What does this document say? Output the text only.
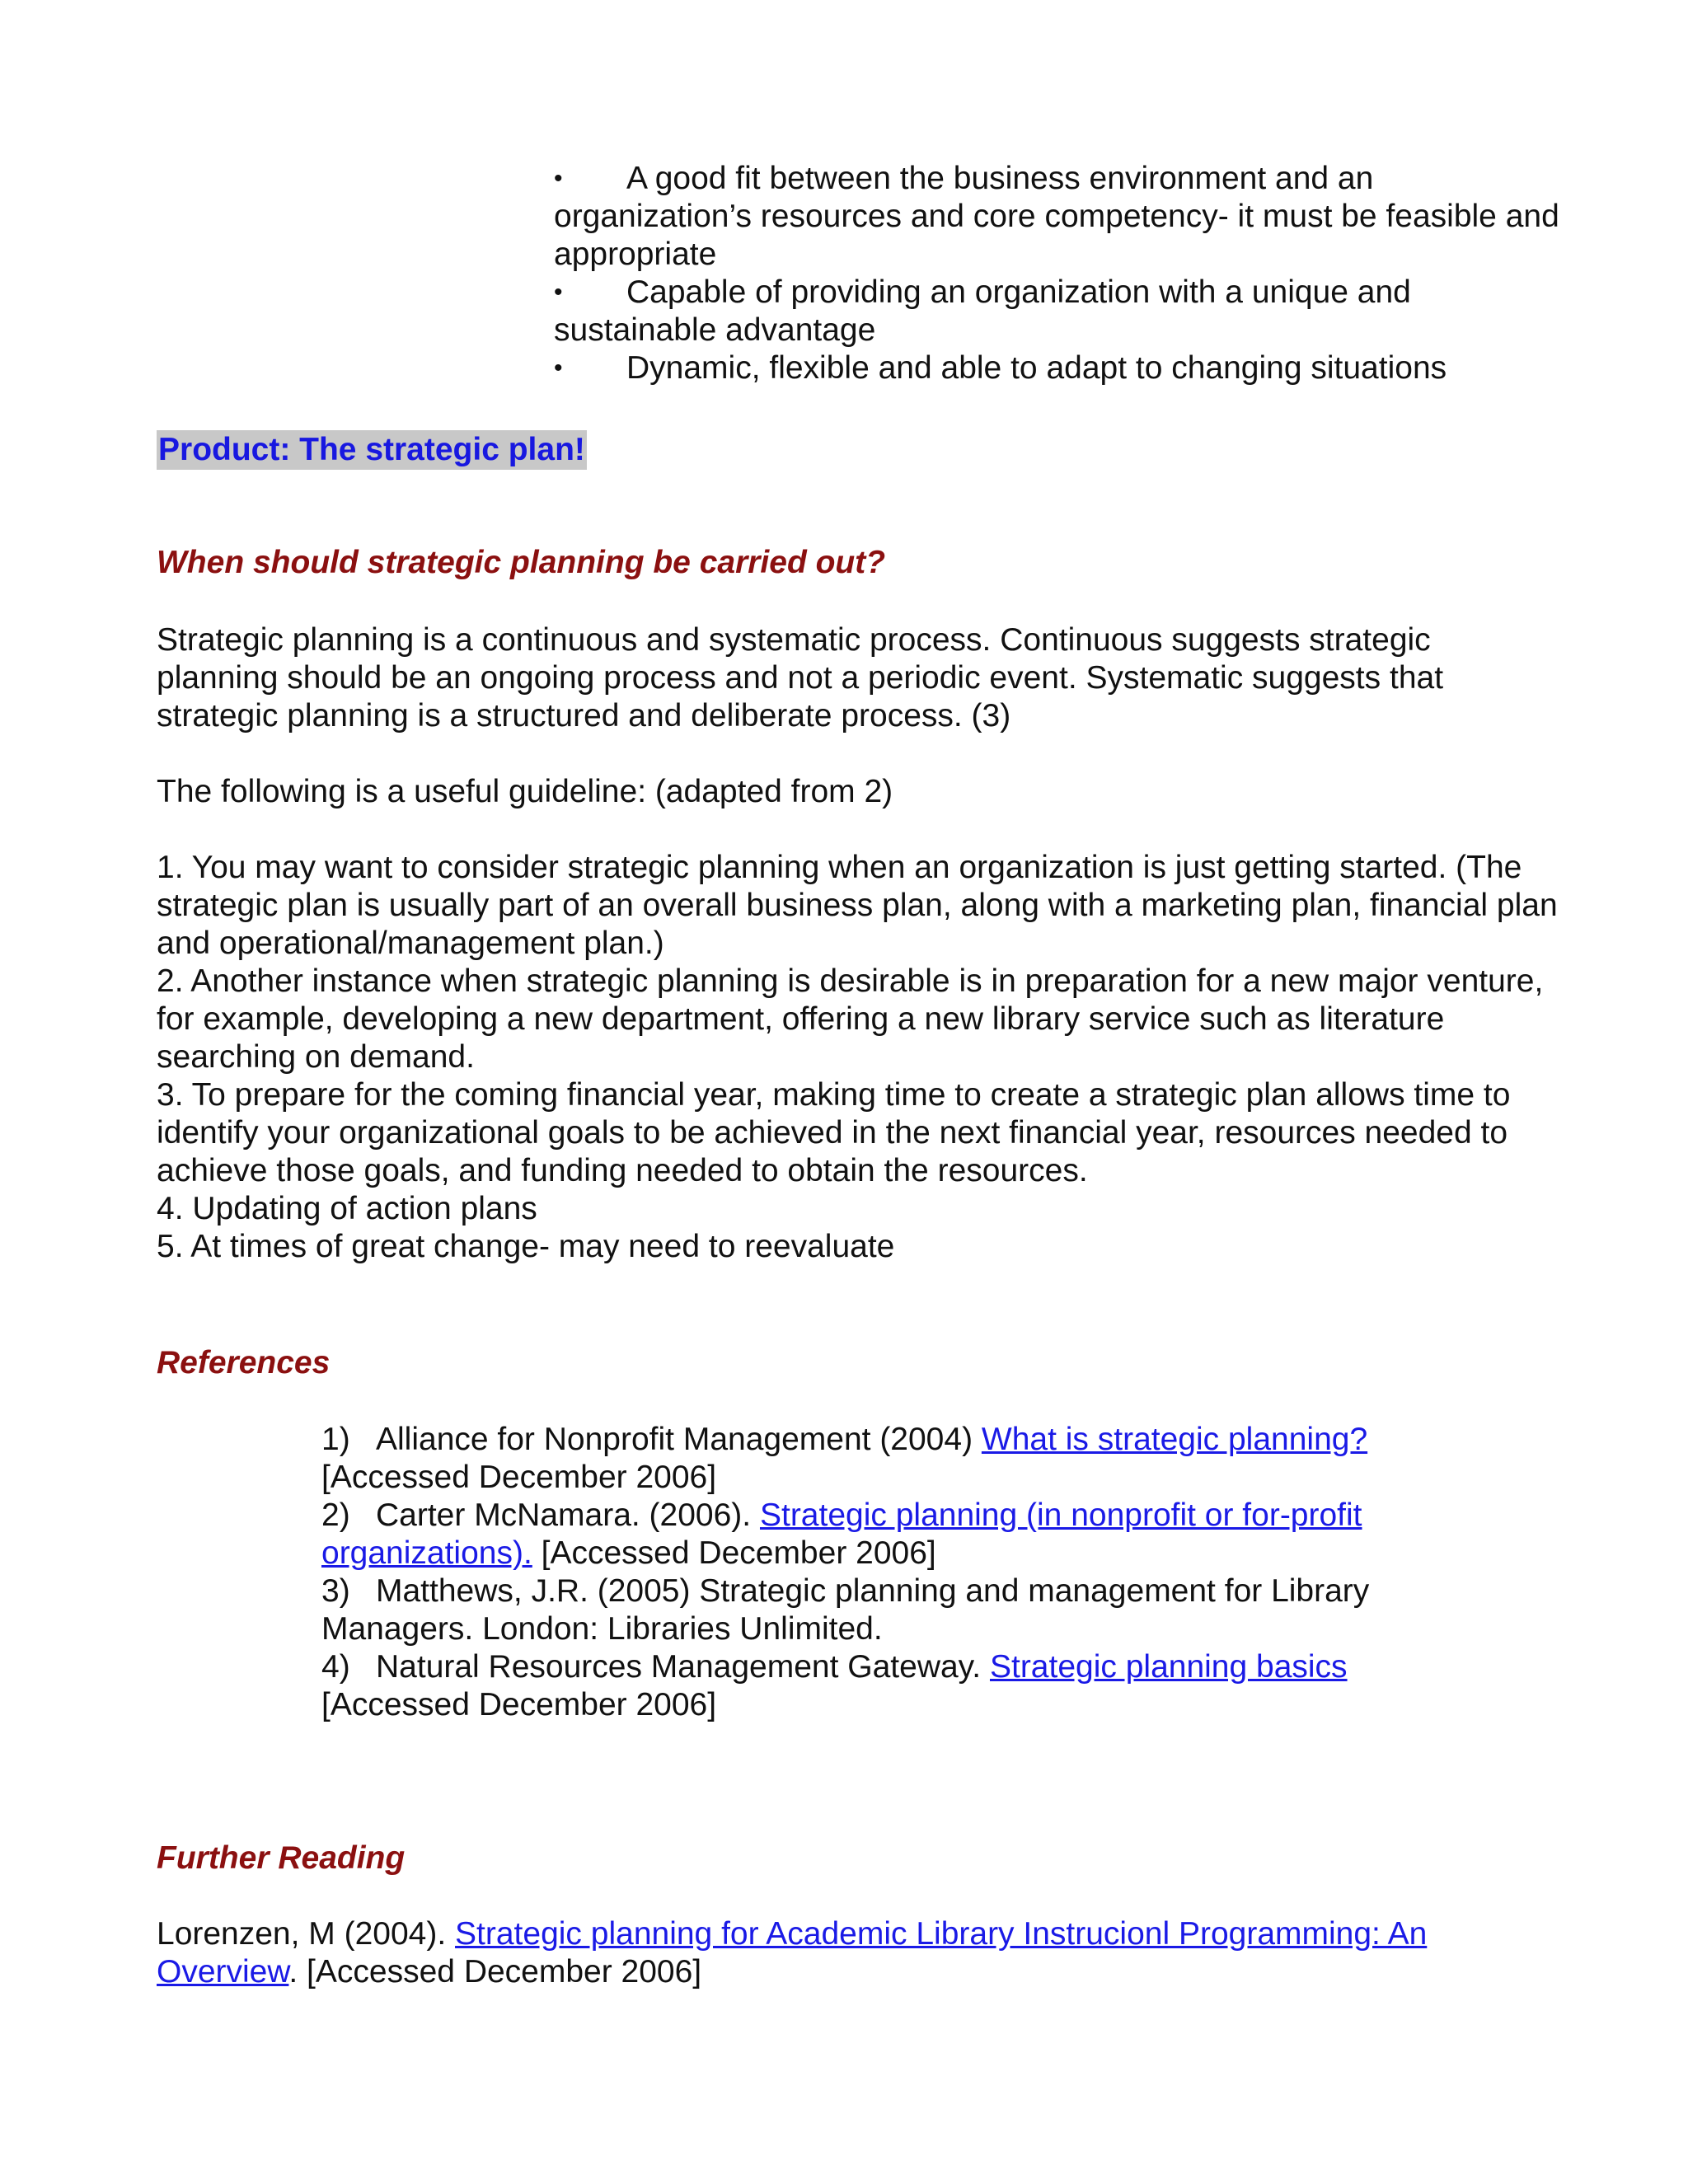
• A good fit between the business environment and an organization’s resources and core competency- it must be feasible and appropriate
• Capable of providing an organization with a unique and sustainable advantage
• Dynamic, flexible and able to adapt to changing situations
Product: The strategic plan!
When should strategic planning be carried out?
Strategic planning is a continuous and systematic process. Continuous suggests strategic planning should be an ongoing process and not a periodic event. Systematic suggests that strategic planning is a structured and deliberate process. (3)
The following is a useful guideline: (adapted from 2)
1. You may want to consider strategic planning when an organization is just getting started. (The strategic plan is usually part of an overall business plan, along with a marketing plan, financial plan and operational/management plan.)
2. Another instance when strategic planning is desirable is in preparation for a new major venture, for example, developing a new department, offering a new library service such as literature searching on demand.
3. To prepare for the coming financial year, making time to create a strategic plan allows time to identify your organizational goals to be achieved in the next financial year, resources needed to achieve those goals, and funding needed to obtain the resources.
4. Updating of action plans
5. At times of great change- may need to reevaluate
References
1) Alliance for Nonprofit Management (2004) What is strategic planning? [Accessed December 2006]
2) Carter McNamara. (2006). Strategic planning (in nonprofit or for-profit organizations). [Accessed December 2006]
3) Matthews, J.R. (2005) Strategic planning and management for Library Managers. London: Libraries Unlimited.
4) Natural Resources Management Gateway. Strategic planning basics [Accessed December 2006]
Further Reading
Lorenzen, M (2004). Strategic planning for Academic Library Instrucionl Programming: An Overview. [Accessed December 2006]
